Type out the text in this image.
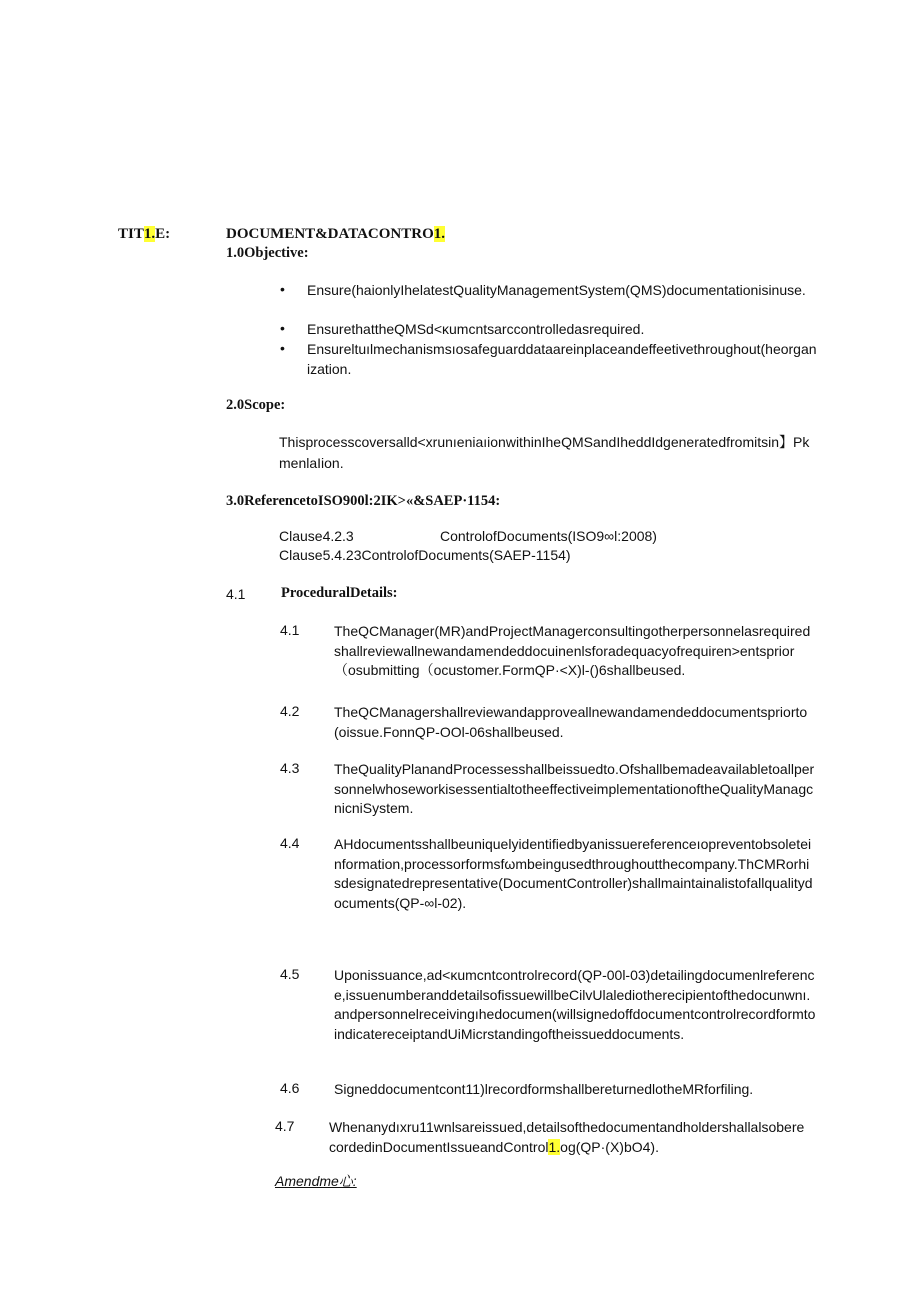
TIT1.E:	DOCUMENT&DATACONTRO1.
1.0Objective:
• Ensure(haionlyIhelatestQualityManagementSystem(QMS)documentationisinuse.
• EnsurethattheQMSd<κumcntsarccontrolledasrequired.
• Ensureltuılmechanismsıosafeguarddataareinplaceandeffeetivethroughout(heorganization.
2.0Scope:
Thisprocesscoversalld<xrunıeniaıionwithinIheQMSandIheddIdgeneratedfromitsin】PkmenlaIion.
3.0ReferencetoISO900l:2IK>«&SAEP·1154:
Clause4.2.3	ControlofDocuments(ISO9∞l:2008)
Clause5.4.23ControlofDocuments(SAEP-1154)
4.1 ProceduralDetails:
4.1 TheQCManager(MR)andProjectManagerconsultingotherpersonnelasrequiredshallreviewallnewandamendeddocuinenlsforadequacyofrequiren>entsprior（osubmitting（ocustomer.FormQP·<X)l-()6shallbeused.
4.2 TheQCManagershallreviewandapproveallnewandamendeddocumentspriorto(oissue.FonnQP-OOl-06shallbeused.
4.3 TheQualityPlanandProcessesshallbeissuedto.OfshallbemadeavailabletoallpersonnelwhoseworkisessentialtotheeffectiveimplementationoftheQualityManagcnicniSystem.
4.4 AHdocumentsshallbeuniquelyidentifiedbyanissuereferenceıopreventobsoleteinformation,processorformsfωmbeingusedthroughoutthecompany.ThCMRorhisdesignatedrepresentative(DocumentController)shallmaintainalistofallqualitydocuments(QP-∞l-02).
4.5 Uponissuance,ad<κumcntcontrolrecord(QP-00l-03)detailingdocumenlreference,issuenumberanddetailsofissuewillbeCilvUlalediotherecipientofthedocunwnı.andpersonnelreceivingıhedocumen(willsignedoffdocumentcontrolrecordformtoindicatereceiptandUiMicrstandingoftheissueddocuments.
4.6 Signeddocumentcont11)lrecordformshallbereturnedlotheMRforfiling.
4.7 Whenanydıxru11wnlsareissued,detailsofthedocumentandholdershallalsoberecordedinDocumentIssueandControl1.og(QP·(X)bO4).
Amendme心:
